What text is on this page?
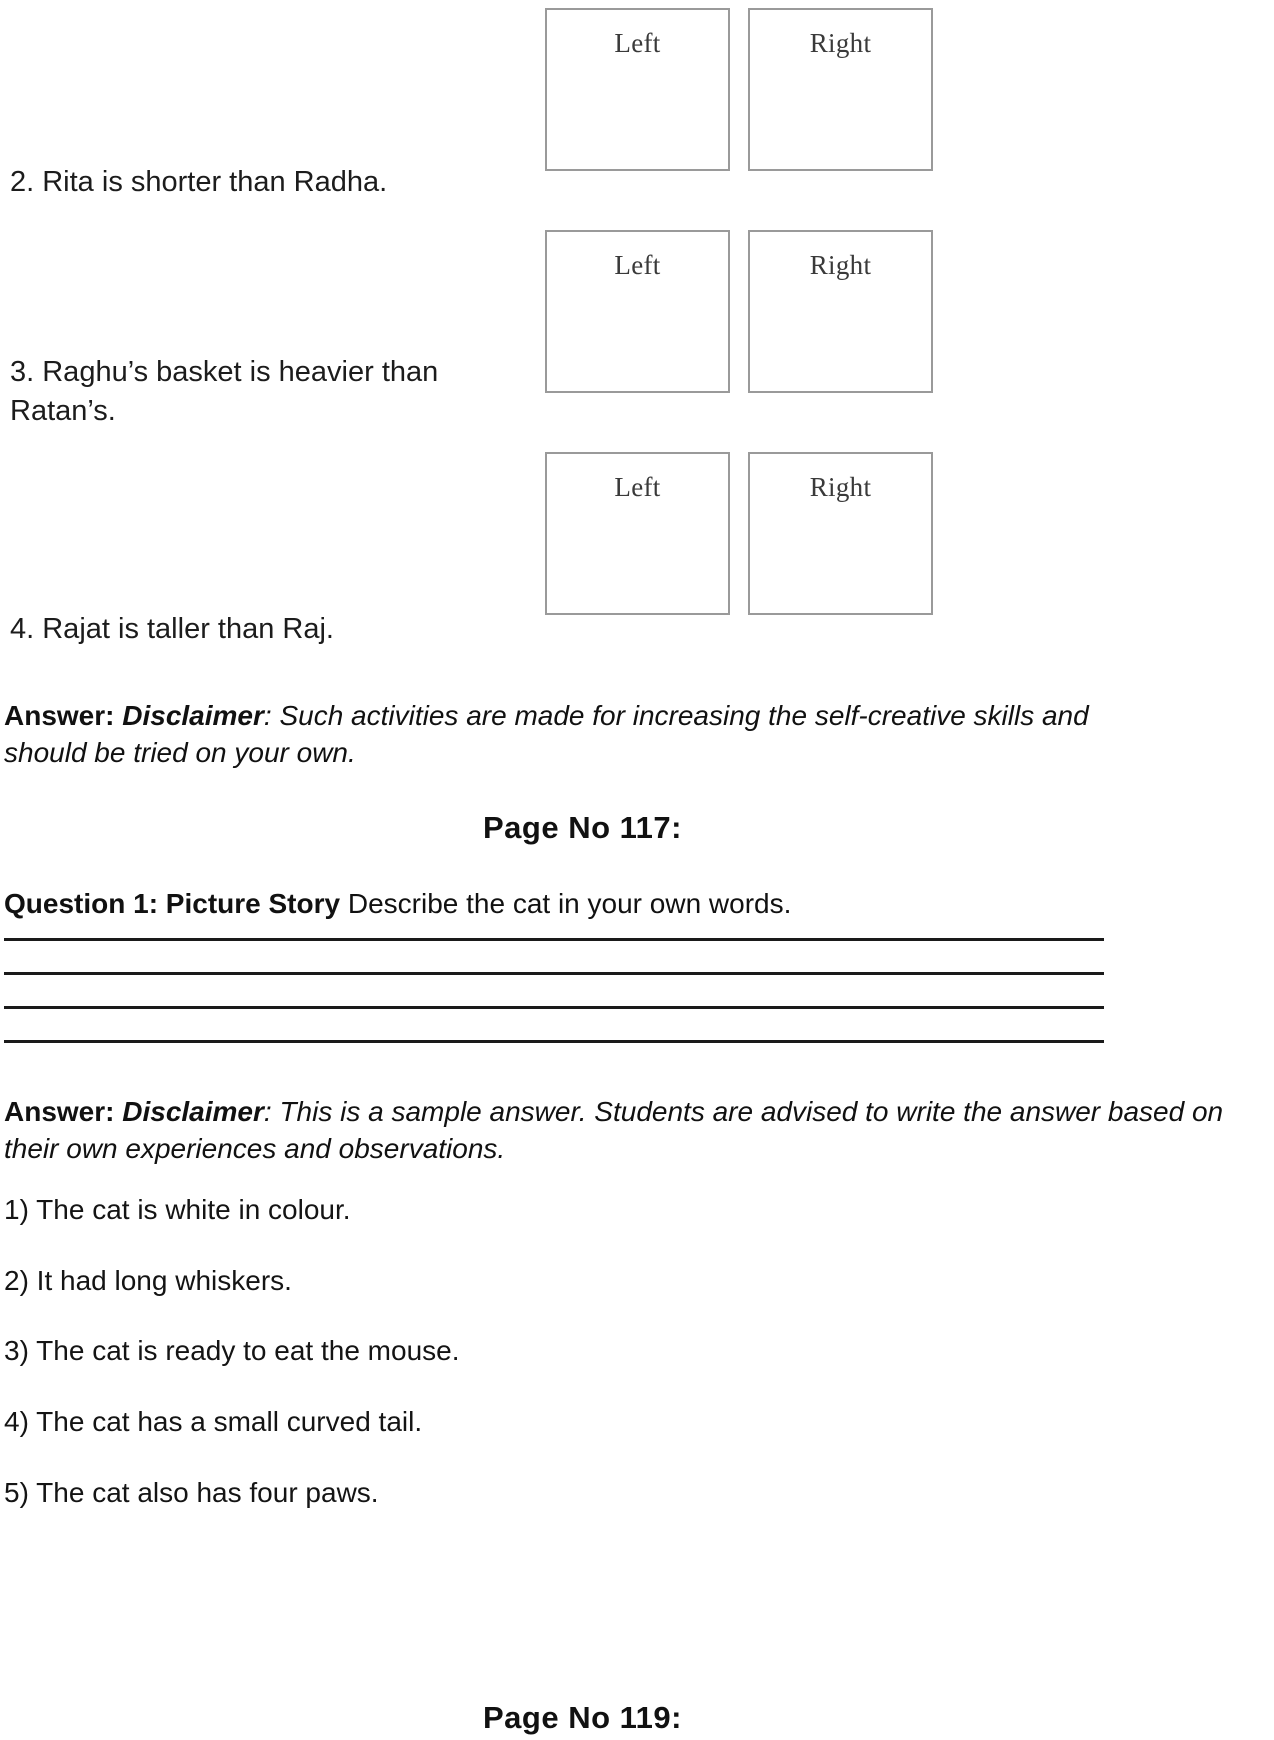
Left	Right
2. Rita is shorter than Radha.
Left	Right
3. Raghu’s basket is heavier than Ratan’s.
Left	Right
4. Rajat is taller than Raj.
Answer: Disclaimer: Such activities are made for increasing the self-creative skills and should be tried on your own.
Page No 117:
Question 1: Picture Story Describe the cat in your own words.
Answer: Disclaimer: This is a sample answer. Students are advised to write the answer based on their own experiences and observations.
1) The cat is white in colour.
2) It had long whiskers.
3) The cat is ready to eat the mouse.
4) The cat has a small curved tail.
5) The cat also has four paws.
Page No 119:
